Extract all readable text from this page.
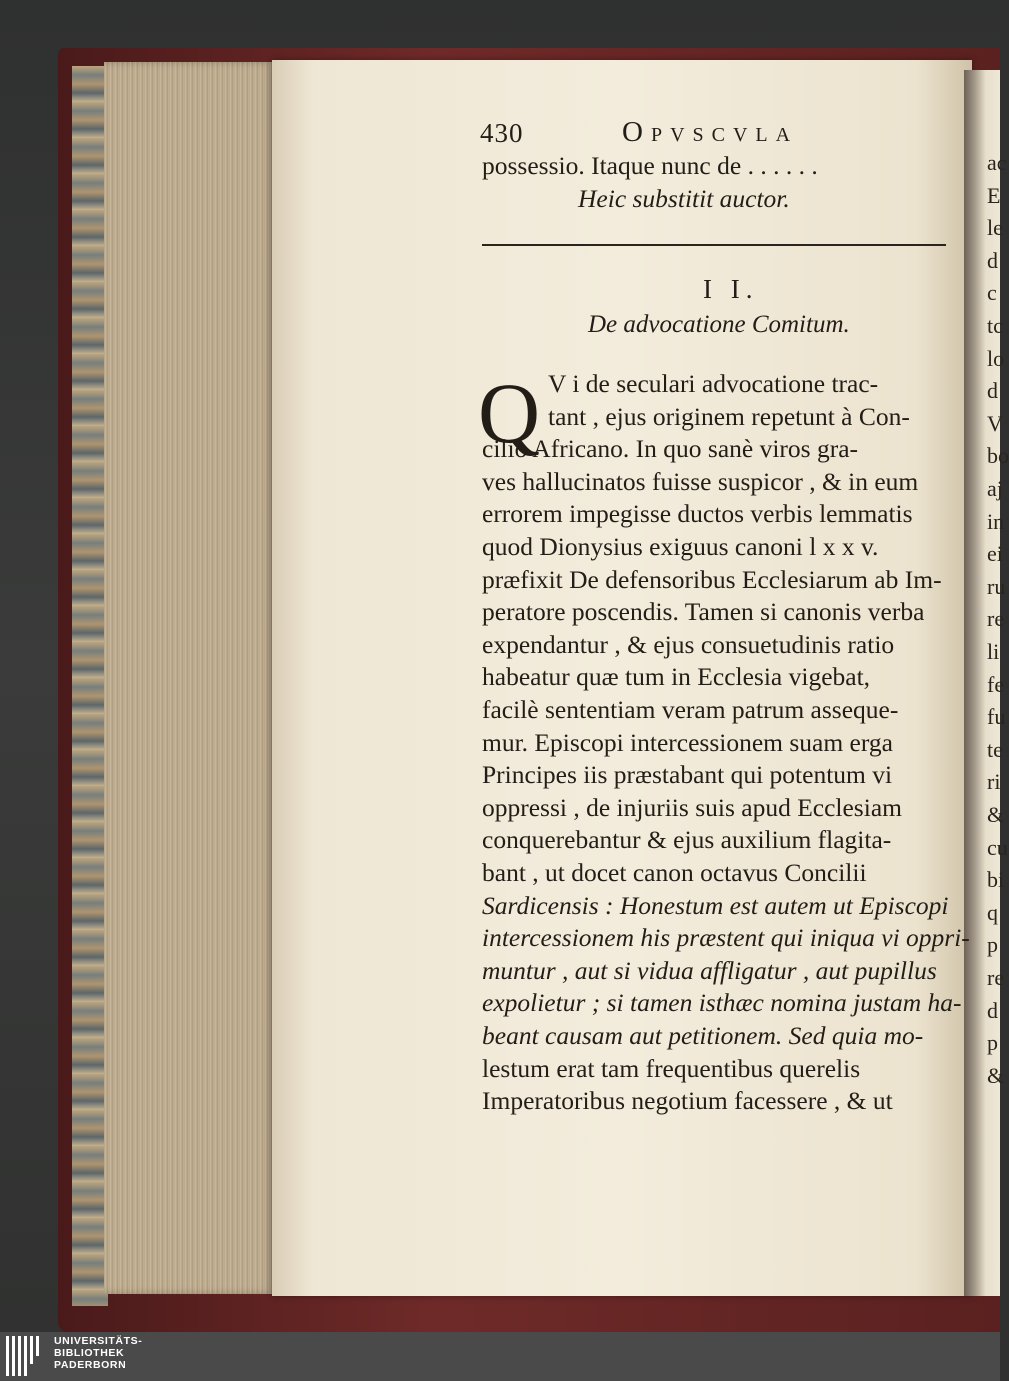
ac
E
le
d
c
tc
lo
d
V
bo
aj
in
ei
ru
re
li
fe
fu
te
ri
&
cu
bi
q
p
re
d
p
&
430	Opvscvla
possessio. Itaque nunc de . . . . . .
Heic substitit auctor.
I I.
De advocatione Comitum.
Q V i de seculari advocatione trac-
tant , ejus originem repetunt à Con-
cilio Africano. In quo sanè viros gra-
ves hallucinatos fuisse suspicor , & in eum
errorem impegisse ductos verbis lemmatis
quod Dionysius exiguus canoni l x x v.
præfixit De defensoribus Ecclesiarum ab Im-
peratore poscendis. Tamen si canonis verba
expendantur , & ejus consuetudinis ratio
habeatur quæ tum in Ecclesia vigebat,
facilè sententiam veram patrum assequе-
mur. Episcopi intercessionem suam erga
Principes iis præstabant qui potentum vi
oppressi , de injuriis suis apud Ecclesiam
conquerebantur & ejus auxilium flagita-
bant , ut docet canon octavus Concilii
Sardicensis : Honestum est autem ut Episcopi
intercessionem his præstent qui iniqua vi oppri-
muntur , aut si vidua affligatur , aut pupillus
expolietur ; si tamen isthæc nomina justam ha-
beant causam aut petitionem. Sed quia mo-
lestum erat tam frequentibus querelis
Imperatoribus negotium facessere , & ut
UNIVERSITÄTS-
BIBLIOTHEK
PADERBORN
